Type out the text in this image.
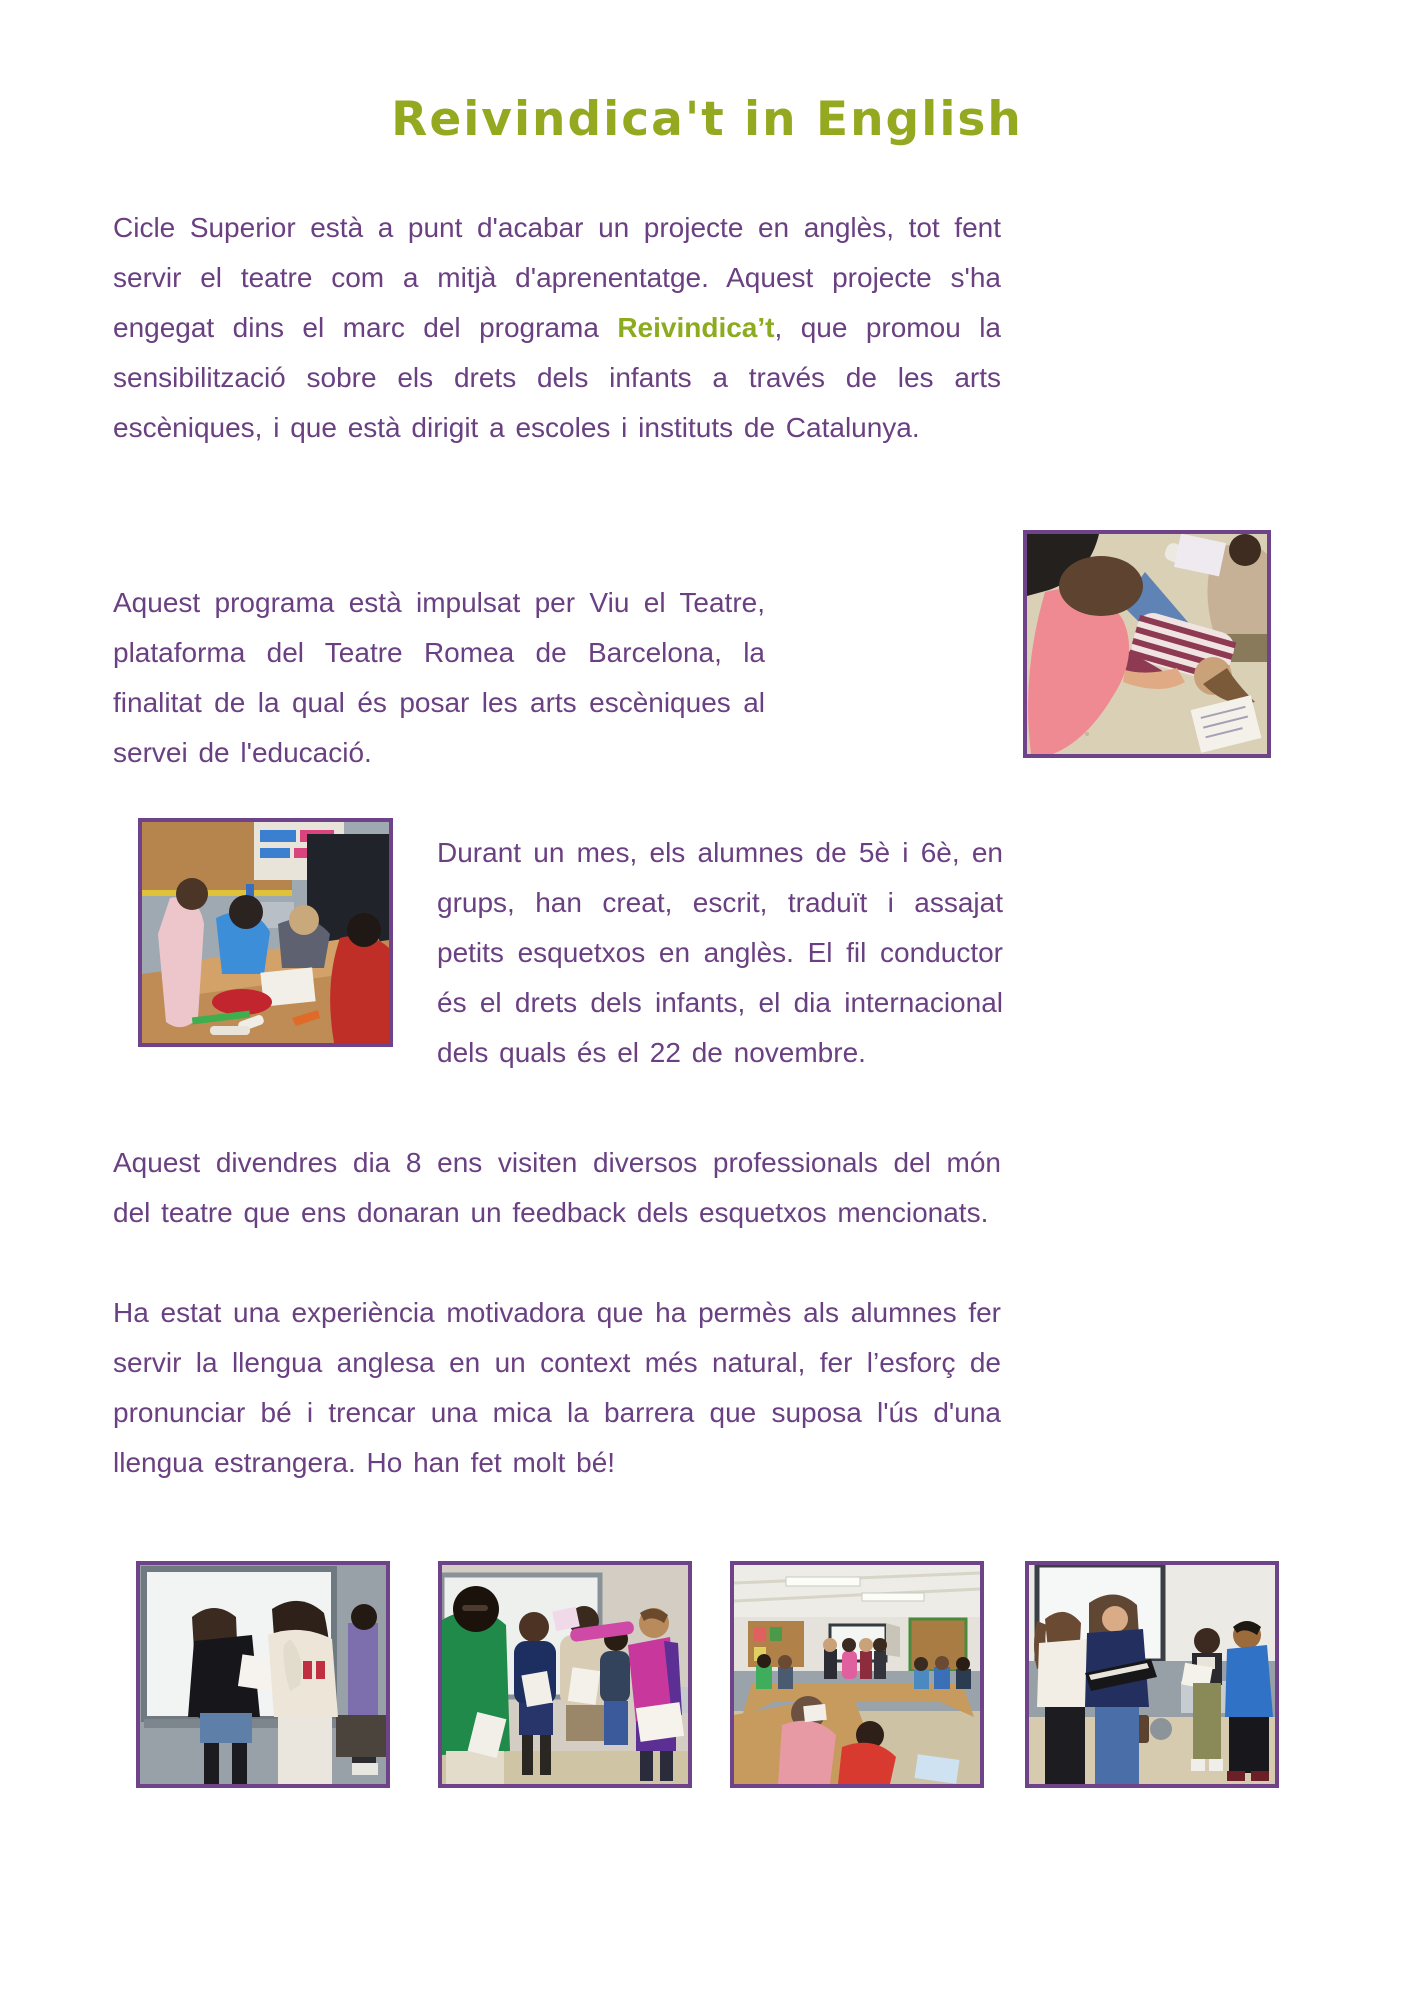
Reivindica't in English

Cicle Superior està a punt d'acabar un projecte en anglès, tot fent servir el teatre com a mitjà d'aprenentatge. Aquest projecte s'ha engegat dins el marc del programa Reivindica’t, que promou la sensibilització sobre els drets dels infants a través de les arts escèniques, i que està dirigit a escoles i instituts de Catalunya.

Aquest programa està impulsat per Viu el Teatre, plataforma del Teatre Romea de Barcelona, la finalitat de la qual és posar les arts escèniques al servei de l'educació.

Durant un mes, els alumnes de 5è i 6è, en grups, han creat, escrit, traduït i assajat petits esquetxos en anglès. El fil conductor és el drets dels infants, el dia internacional dels quals és el 22 de novembre.

Aquest divendres dia 8 ens visiten diversos professionals del món del teatre que ens donaran un feedback dels esquetxos mencionats.

Ha estat una experiència motivadora que ha permès als alumnes fer servir la llengua anglesa en un context més natural, fer l’esforç de pronunciar bé i trencar una mica la barrera que suposa l'ús d'una llengua estrangera. Ho han fet molt bé!
